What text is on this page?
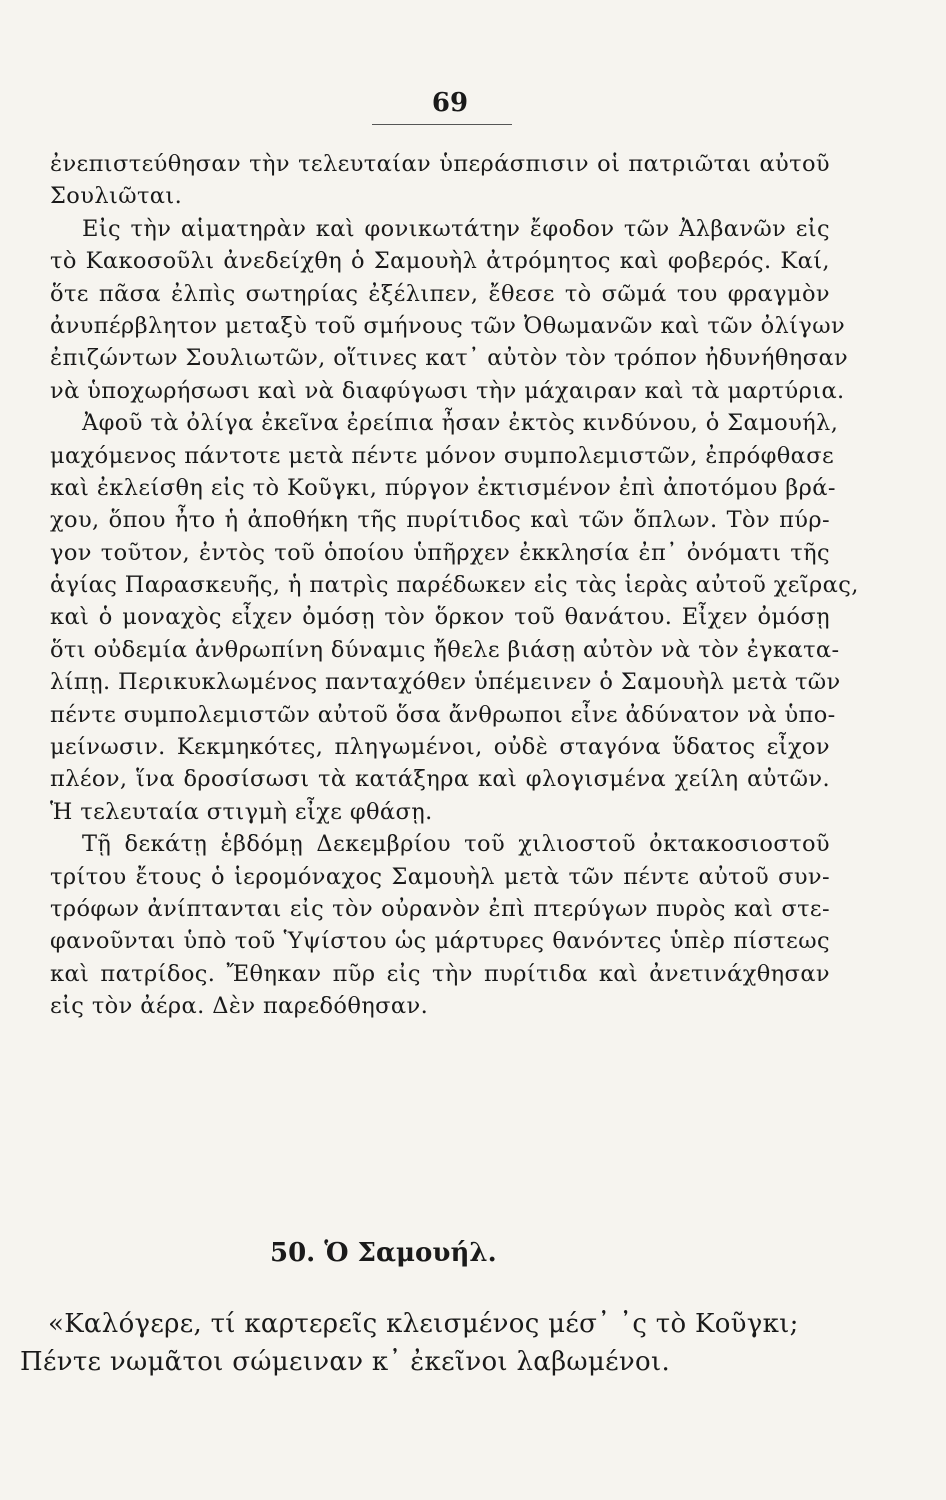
69
ἐνεπιστεύθησαν τὴν τελευταίαν ὑπεράσπισιν οἱ πατριῶται αὐτοῦ
Σουλιῶται.
Εἰς τὴν αἱματηρὰν καὶ φονικωτάτην ἔφοδον τῶν Ἀλβανῶν εἰς
τὸ Κακοσοῦλι ἀνεδείχθη ὁ Σαμουὴλ ἀτρόμητος καὶ φοβερός. Καί,
ὅτε πᾶσα ἐλπὶς σωτηρίας ἐξέλιπεν, ἔθεσε τὸ σῶμά του φραγμὸν
ἀνυπέρβλητον μεταξὺ τοῦ σμήνους τῶν Ὀθωμανῶν καὶ τῶν ὀλίγων
ἐπιζώντων Σουλιωτῶν, οἵτινες κατ᾽ αὐτὸν τὸν τρόπον ἠδυνήθησαν
νὰ ὑποχωρήσωσι καὶ νὰ διαφύγωσι τὴν μάχαιραν καὶ τὰ μαρτύρια.
Ἀφοῦ τὰ ὀλίγα ἐκεῖνα ἐρείπια ἦσαν ἐκτὸς κινδύνου, ὁ Σαμουήλ,
μαχόμενος πάντοτε μετὰ πέντε μόνον συμπολεμιστῶν, ἐπρόφθασε
καὶ ἐκλείσθη εἰς τὸ Κοῦγκι, πύργον ἐκτισμένον ἐπὶ ἀποτόμου βρά-
χου, ὅπου ἦτο ἡ ἀποθήκη τῆς πυρίτιδος καὶ τῶν ὅπλων. Τὸν πύρ-
γον τοῦτον, ἐντὸς τοῦ ὁποίου ὑπῆρχεν ἐκκλησία ἐπ᾽ ὀνόματι τῆς
ἁγίας Παρασκευῆς, ἡ πατρὶς παρέδωκεν εἰς τὰς ἱερὰς αὐτοῦ χεῖρας,
καὶ ὁ μοναχὸς εἶχεν ὀμόσῃ τὸν ὅρκον τοῦ θανάτου. Εἶχεν ὀμόσῃ
ὅτι οὐδεμία ἀνθρωπίνη δύναμις ἤθελε βιάσῃ αὐτὸν νὰ τὸν ἐγκατα-
λίπῃ. Περικυκλωμένος πανταχόθεν ὑπέμεινεν ὁ Σαμουὴλ μετὰ τῶν
πέντε συμπολεμιστῶν αὐτοῦ ὅσα ἄνθρωποι εἶνε ἀδύνατον νὰ ὑπο-
μείνωσιν. Κεκμηκότες, πληγωμένοι, οὐδὲ σταγόνα ὕδατος εἶχον
πλέον, ἵνα δροσίσωσι τὰ κατάξηρα καὶ φλογισμένα χείλη αὐτῶν.
Ἡ τελευταία στιγμὴ εἶχε φθάσῃ.
Τῇ δεκάτῃ ἑβδόμῃ Δεκεμβρίου τοῦ χιλιοστοῦ ὀκτακοσιοστοῦ
τρίτου ἔτους ὁ ἱερομόναχος Σαμουὴλ μετὰ τῶν πέντε αὐτοῦ συν-
τρόφων ἀνίπτανται εἰς τὸν οὐρανὸν ἐπὶ πτερύγων πυρὸς καὶ στε-
φανοῦνται ὑπὸ τοῦ Ὑψίστου ὡς μάρτυρες θανόντες ὑπὲρ πίστεως
καὶ πατρίδος. Ἔθηκαν πῦρ εἰς τὴν πυρίτιδα καὶ ἀνετινάχθησαν
εἰς τὸν ἀέρα. Δὲν παρεδόθησαν.
50. Ὁ Σαμουήλ.
«Καλόγερε, τί καρτερεῖς κλεισμένος μέσ᾽ ᾽ς τὸ Κοῦγκι;
Πέντε νωμᾶτοι σώμειναν κ᾽ ἐκεῖνοι λαβωμένοι.
